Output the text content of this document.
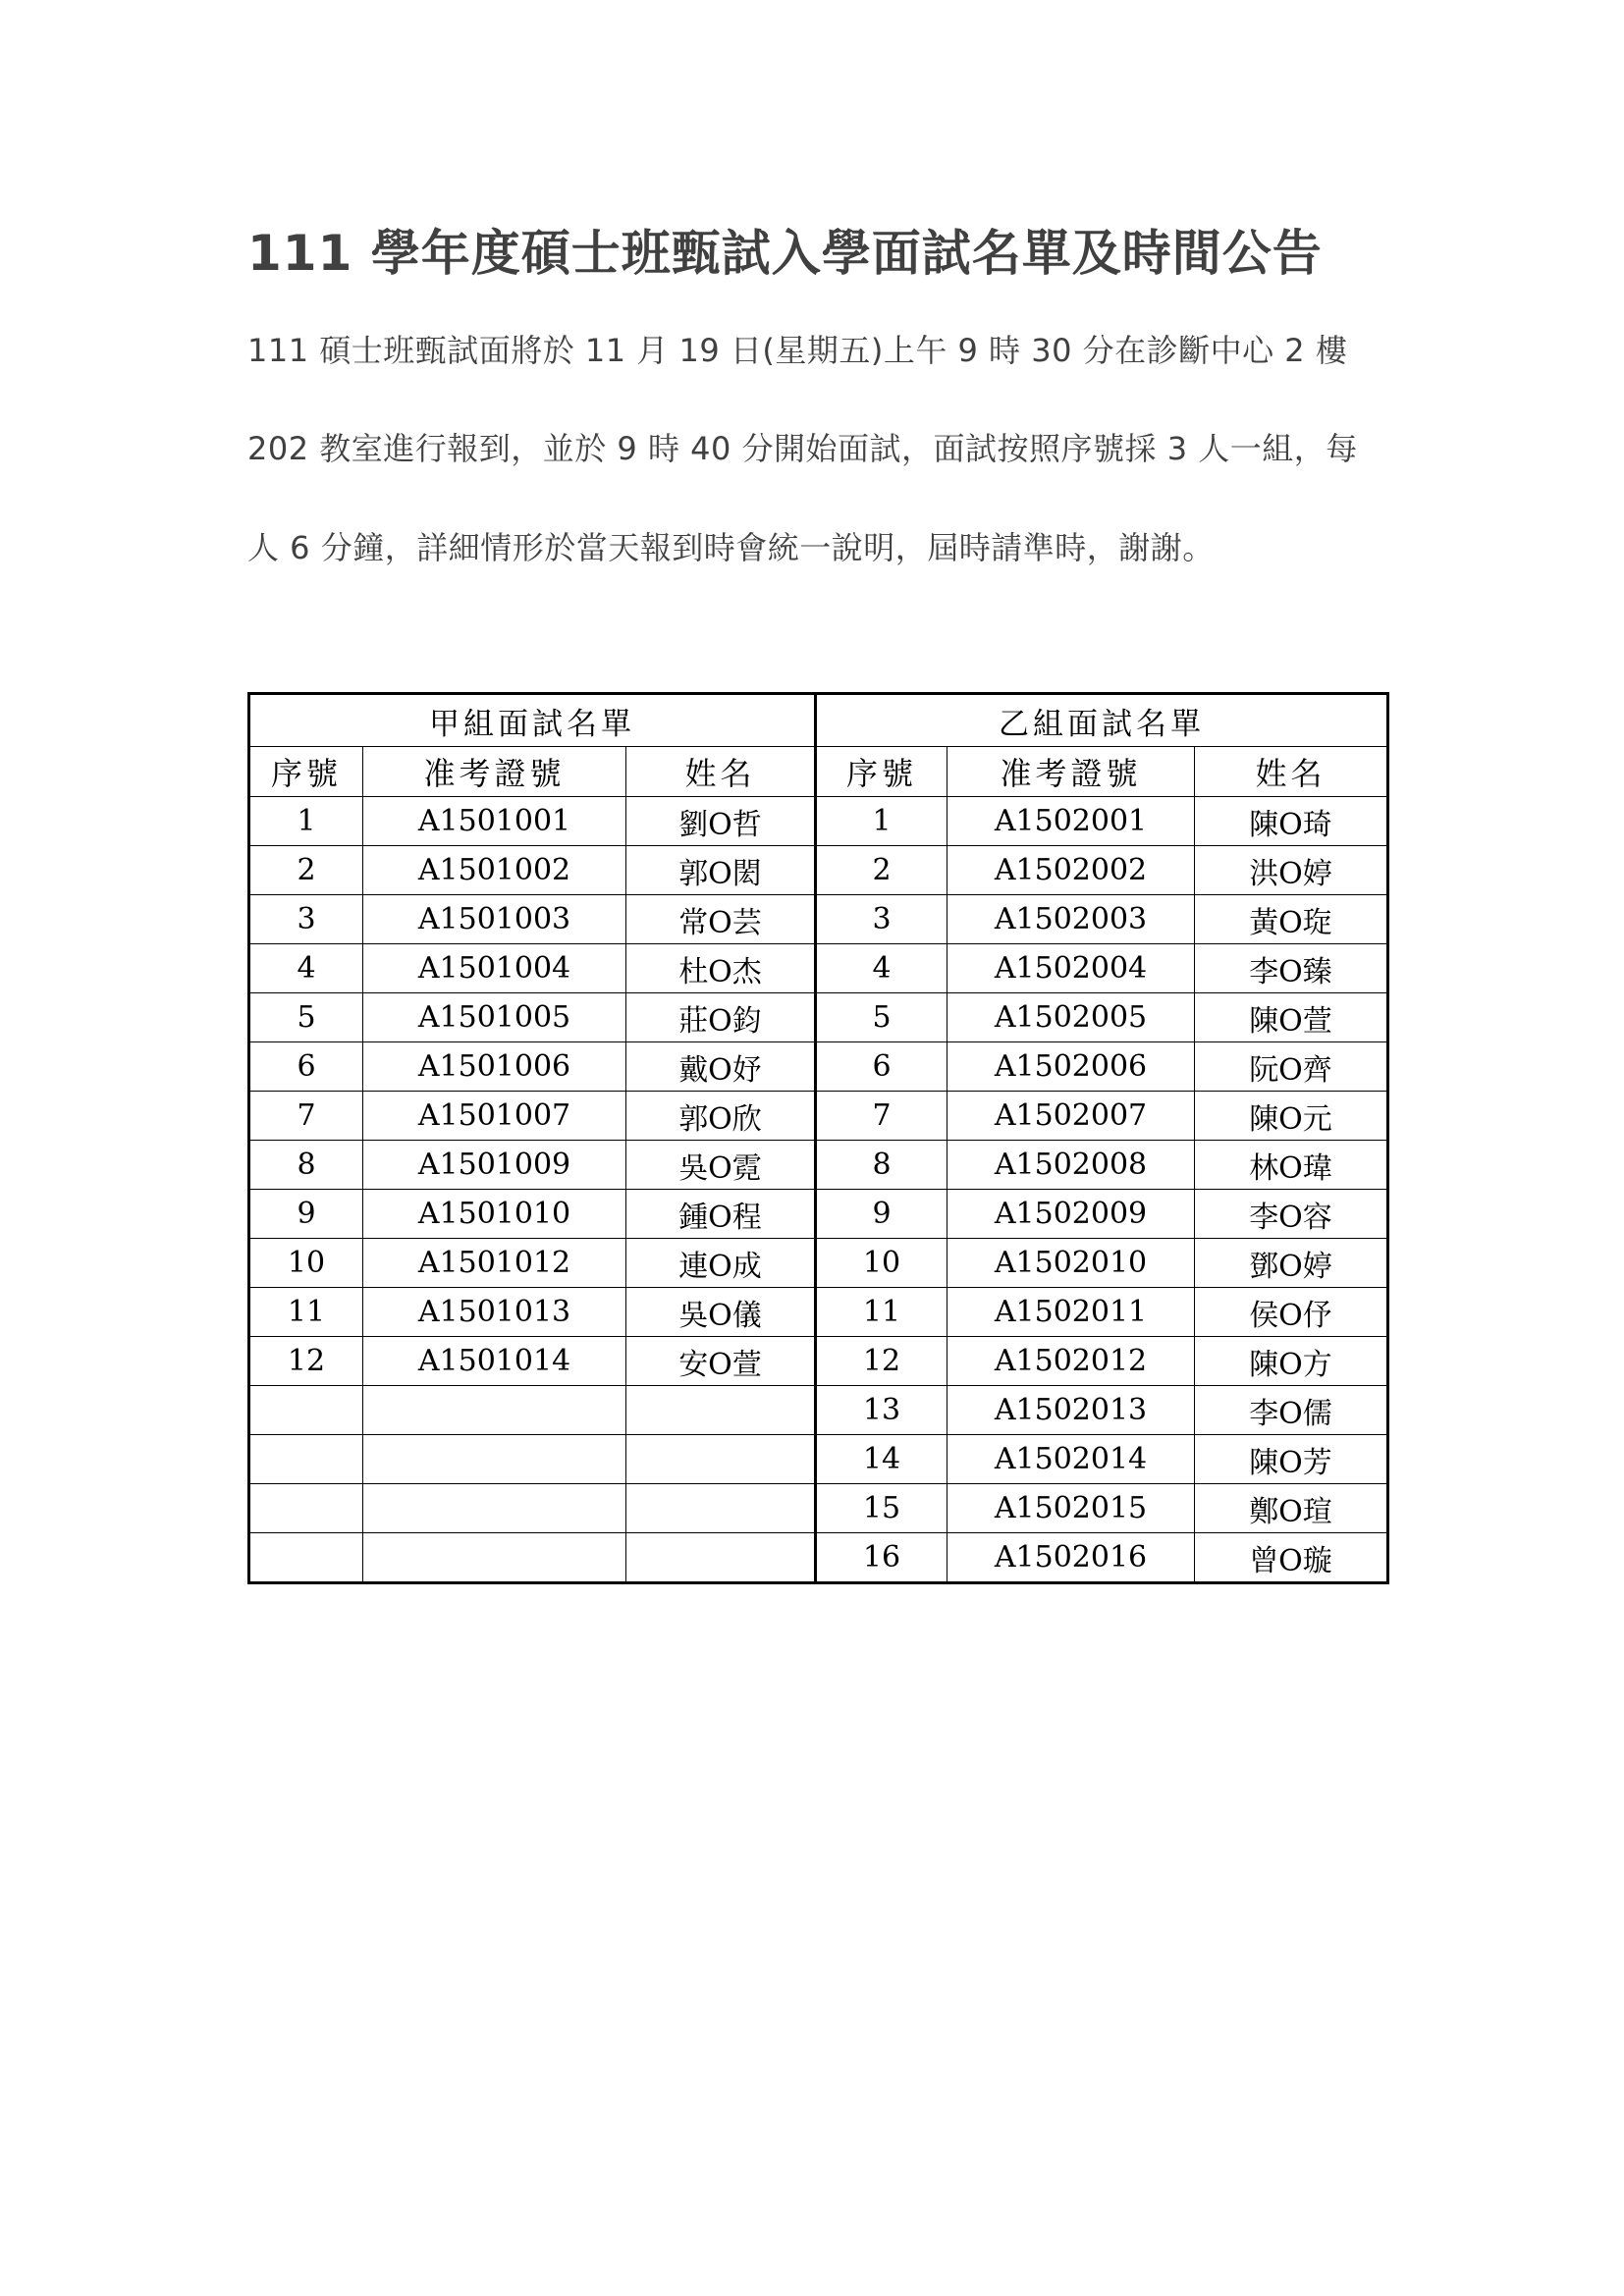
111 學年度碩士班甄試入學面試名單及時間公告
111 碩士班甄試面將於 11 月 19 日(星期五)上午 9 時 30 分在診斷中心 2 樓
202 教室進行報到，並於 9 時 40 分開始面試，面試按照序號採 3 人一組，每
人 6 分鐘，詳細情形於當天報到時會統一說明，屆時請準時，謝謝。
甲組面試名單			乙組面試名單		
序號	准考證號	姓名	序號	准考證號	姓名
1	A1501001	劉O哲	1	A1502001	陳O琦
2	A1501002	郭O閎	2	A1502002	洪O婷
3	A1501003	常O芸	3	A1502003	黃O琁
4	A1501004	杜O杰	4	A1502004	李O臻
5	A1501005	莊O鈞	5	A1502005	陳O萱
6	A1501006	戴O妤	6	A1502006	阮O齊
7	A1501007	郭O欣	7	A1502007	陳O元
8	A1501009	吳O霓	8	A1502008	林O瑋
9	A1501010	鍾O程	9	A1502009	李O容
10	A1501012	連O成	10	A1502010	鄧O婷
11	A1501013	吳O儀	11	A1502011	侯O伃
12	A1501014	安O萱	12	A1502012	陳O方
			13	A1502013	李O儒
			14	A1502014	陳O芳
			15	A1502015	鄭O瑄
			16	A1502016	曾O璇
